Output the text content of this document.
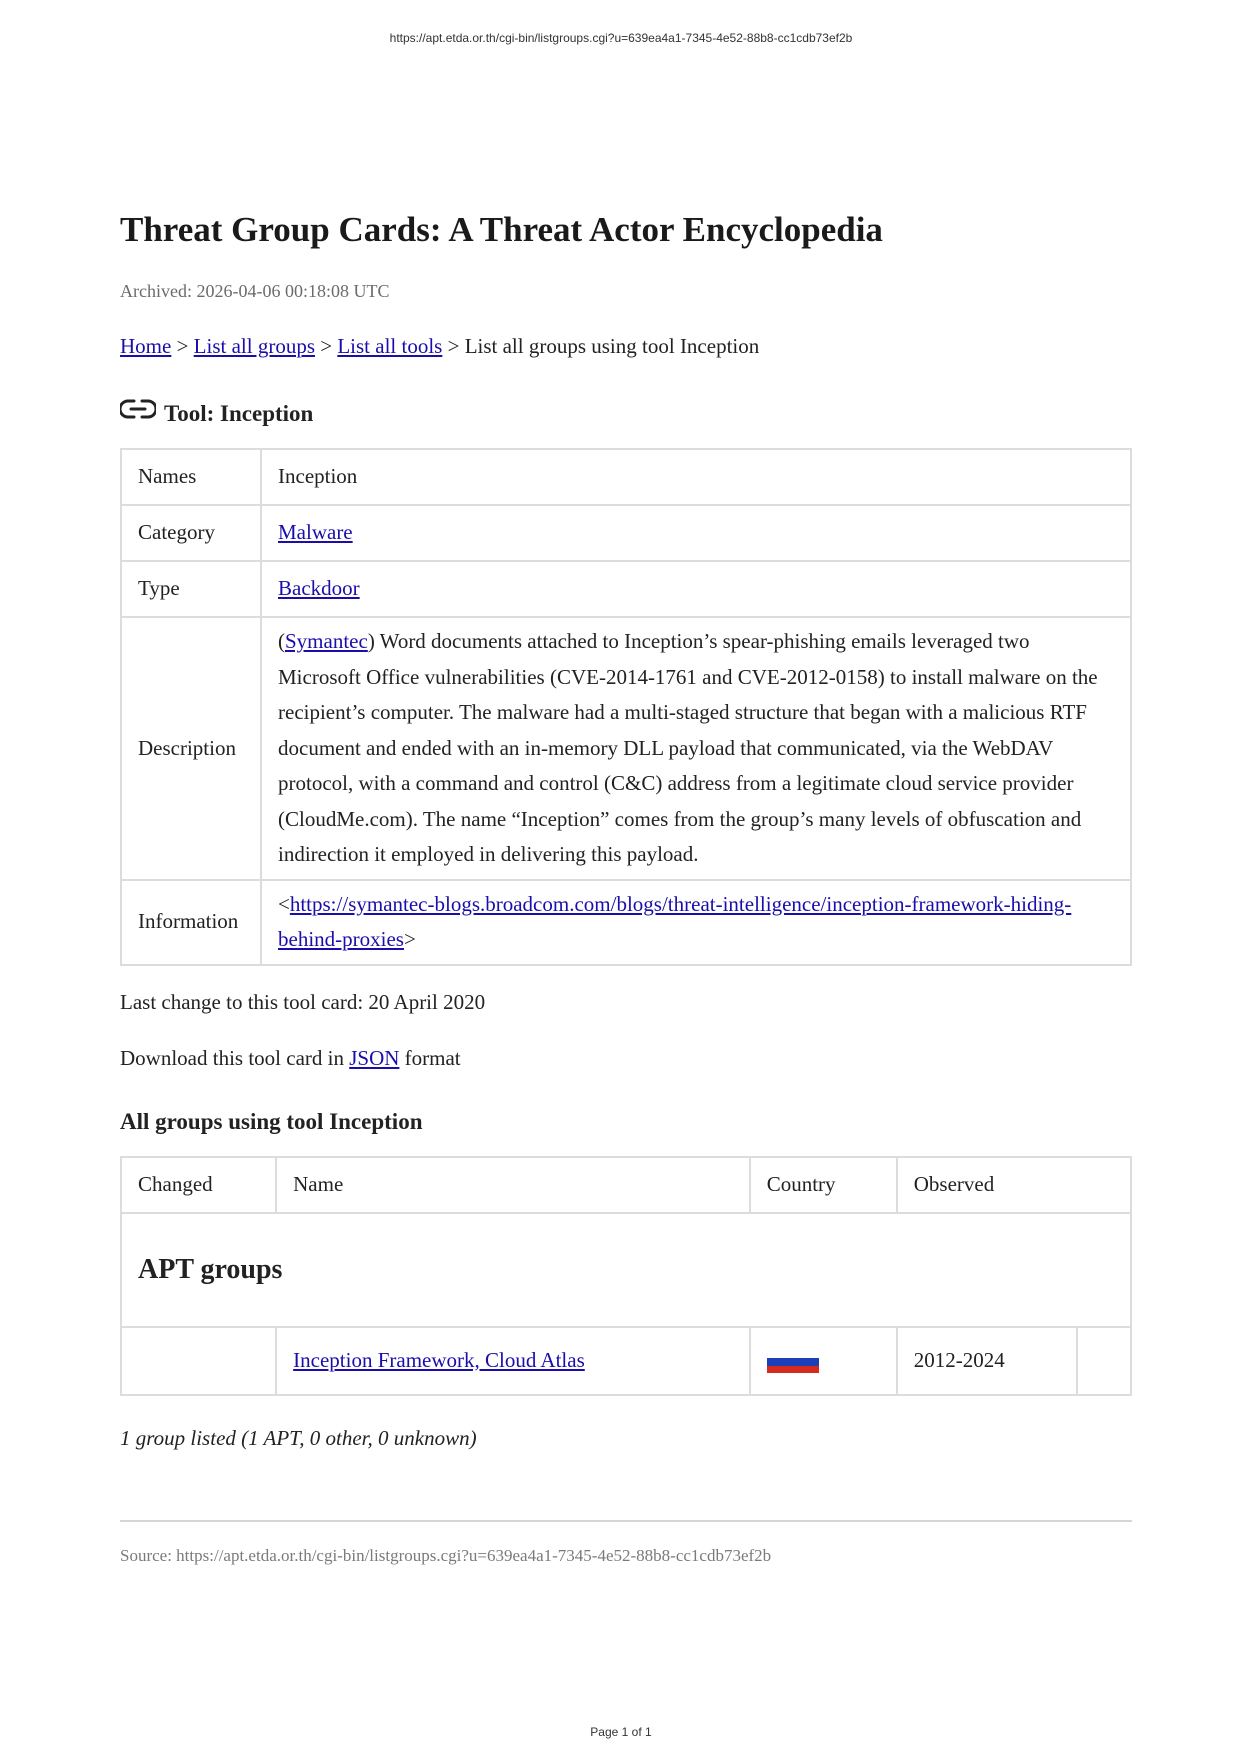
https://apt.etda.or.th/cgi-bin/listgroups.cgi?u=639ea4a1-7345-4e52-88b8-cc1cdb73ef2b
Threat Group Cards: A Threat Actor Encyclopedia
Archived: 2026-04-06 00:18:08 UTC
Home > List all groups > List all tools > List all groups using tool Inception
Tool: Inception
Names	Inception
Category	Malware
Type	Backdoor
Description	(Symantec) Word documents attached to Inception’s spear-phishing emails leveraged two Microsoft Office vulnerabilities (CVE-2014-1761 and CVE-2012-0158) to install malware on the recipient’s computer. The malware had a multi-staged structure that began with a malicious RTF document and ended with an in-memory DLL payload that communicated, via the WebDAV protocol, with a command and control (C&C) address from a legitimate cloud service provider (CloudMe.com). The name “Inception” comes from the group’s many levels of obfuscation and indirection it employed in delivering this payload.
Information	<https://symantec-blogs.broadcom.com/blogs/threat-intelligence/inception-framework-hiding-behind-proxies>
Last change to this tool card: 20 April 2020
Download this tool card in JSON format
All groups using tool Inception
Changed	Name	Country	Observed	
APT groups				
	Inception Framework, Cloud Atlas		2012-2024	
1 group listed (1 APT, 0 other, 0 unknown)
Source: https://apt.etda.or.th/cgi-bin/listgroups.cgi?u=639ea4a1-7345-4e52-88b8-cc1cdb73ef2b
Page 1 of 1
